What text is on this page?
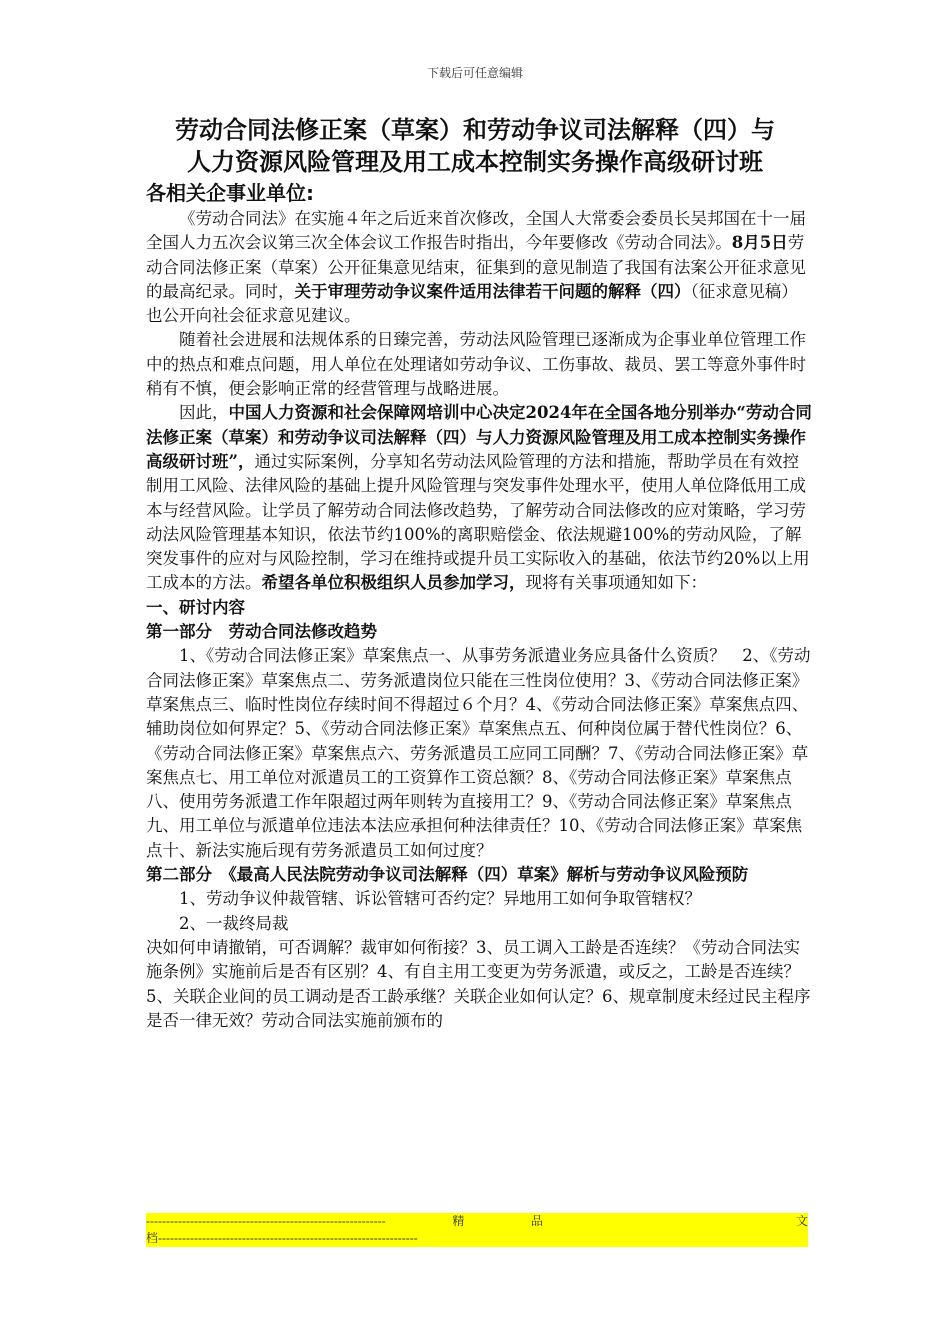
下载后可任意编辑
劳动合同法修正案（草案）和劳动争议司法解释（四）与
人力资源风险管理及用工成本控制实务操作高级研讨班

各相关企事业单位:

《劳动合同法》在实施４年之后近来首次修改，全国人大常委会委员长吴邦国在十一届全国人力五次会议第三次全体会议工作报告时指出，今年要修改《劳动合同法》。8月5日劳动合同法修正案（草案）公开征集意见结束，征集到的意见制造了我国有法案公开征求意见的最高纪录。同时，关于审理劳动争议案件适用法律若干问题的解释（四）（征求意见稿）也公开向社会征求意见建议。

随着社会进展和法规体系的日臻完善，劳动法风险管理已逐渐成为企事业单位管理工作中的热点和难点问题，用人单位在处理诸如劳动争议、工伤事故、裁员、罢工等意外事件时稍有不慎，便会影响正常的经营管理与战略进展。

因此，中国人力资源和社会保障网培训中心决定2024年在全国各地分别举办“劳动合同法修正案（草案）和劳动争议司法解释（四）与人力资源风险管理及用工成本控制实务操作高级研讨班”，通过实际案例，分享知名劳动法风险管理的方法和措施，帮助学员在有效控制用工风险、法律风险的基础上提升风险管理与突发事件处理水平，使用人单位降低用工成本与经营风险。让学员了解劳动合同法修改趋势，了解劳动合同法修改的应对策略，学习劳动法风险管理基本知识，依法节约100%的离职赔偿金、依法规避100%的劳动风险，了解突发事件的应对与风险控制，学习在维持或提升员工实际收入的基础，依法节约20%以上用工成本的方法。希望各单位积极组织人员参加学习，现将有关事项通知如下：

一、研讨内容

第一部分　劳动合同法修改趋势

1、《劳动合同法修正案》草案焦点一、从事劳务派遣业务应具备什么资质？　2、《劳动

合同法修正案》草案焦点二、劳务派遣岗位只能在三性岗位使用？3、《劳动合同法修正案》草案焦点三、临时性岗位存续时间不得超过６个月？4、《劳动合同法修正案》草案焦点四、辅助岗位如何界定？5、《劳动合同法修正案》草案焦点五、何种岗位属于替代性岗位？6、《劳动合同法修正案》草案焦点六、劳务派遣员工应同工同酬？7、《劳动合同法修正案》草案焦点七、用工单位对派遣员工的工资算作工资总额？8、《劳动合同法修正案》草案焦点八、使用劳务派遣工作年限超过两年则转为直接用工？9、《劳动合同法修正案》草案焦点九、用工单位与派遣单位违法本法应承担何种法律责任？10、《劳动合同法修正案》草案焦点十、新法实施后现有劳务派遣员工如何过度？

第二部分　《最高人民法院劳动争议司法解释（四）草案》解析与劳动争议风险预防

1、劳动争议仲裁管辖、诉讼管辖可否约定？异地用工如何争取管辖权？

2、一裁终局裁

决如何申请撤销，可否调解？裁审如何衔接？3、员工调入工龄是否连续？《劳动合同法实施条例》实施前后是否有区别？4、有自主用工变更为劳务派遣，或反之，工龄是否连续？5、关联企业间的员工调动是否工龄承继？关联企业如何认定？6、规章制度未经过民主程序是否一律无效？劳动合同法实施前颁布的

------------------------------------------------------------	精	品	文
档-----------------------------------------------------------------
